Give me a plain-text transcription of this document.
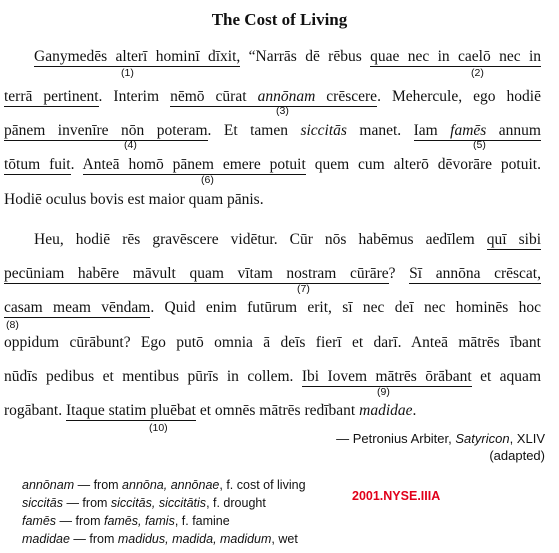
The Cost of Living
Ganymedēs alterī hominī dīxit, “Narrās dē rēbus quae nec in caelō nec in
terrā pertinent. Interim nēmō cūrat annōnam crēscere. Mehercule, ego hodiē
pānem invenīre nōn poteram. Et tamen siccitās manet. Iam famēs annum
tōtum fuit. Anteā homō pānem emere potuit quem cum alterō dēvorāre potuit.
Hodiē oculus bovis est maior quam pānis.
Heu, hodiē rēs gravēscere vidētur. Cūr nōs habēmus aedīlem quī sibi
pecūniam habēre māvult quam vītam nostram cūrāre? Sī annōna crēscat,
casam meam vēndam. Quid enim futūrum erit, sī nec deī nec hominēs hoc
oppidum cūrābunt? Ego putō omnia ā deīs fierī et darī. Anteā mātrēs ībant
nūdīs pedibus et mentibus pūrīs in collem. Ibi Iovem mātrēs ōrābant et aquam
rogābant. Itaque statim pluēbat et omnēs mātrēs redībant madidae.
(1)	(2)
(3)
(4)	(5)
(6)
(7)
(8)
(9)
(10)
— Petronius Arbiter, Satyricon, XLIV
(adapted)
annōnam — from annōna, annōnae, f. cost of living
siccitās — from siccitās, siccitātis, f. drought
famēs — from famēs, famis, f. famine
madidae — from madidus, madida, madidum, wet
2001.NYSE.IIIA
